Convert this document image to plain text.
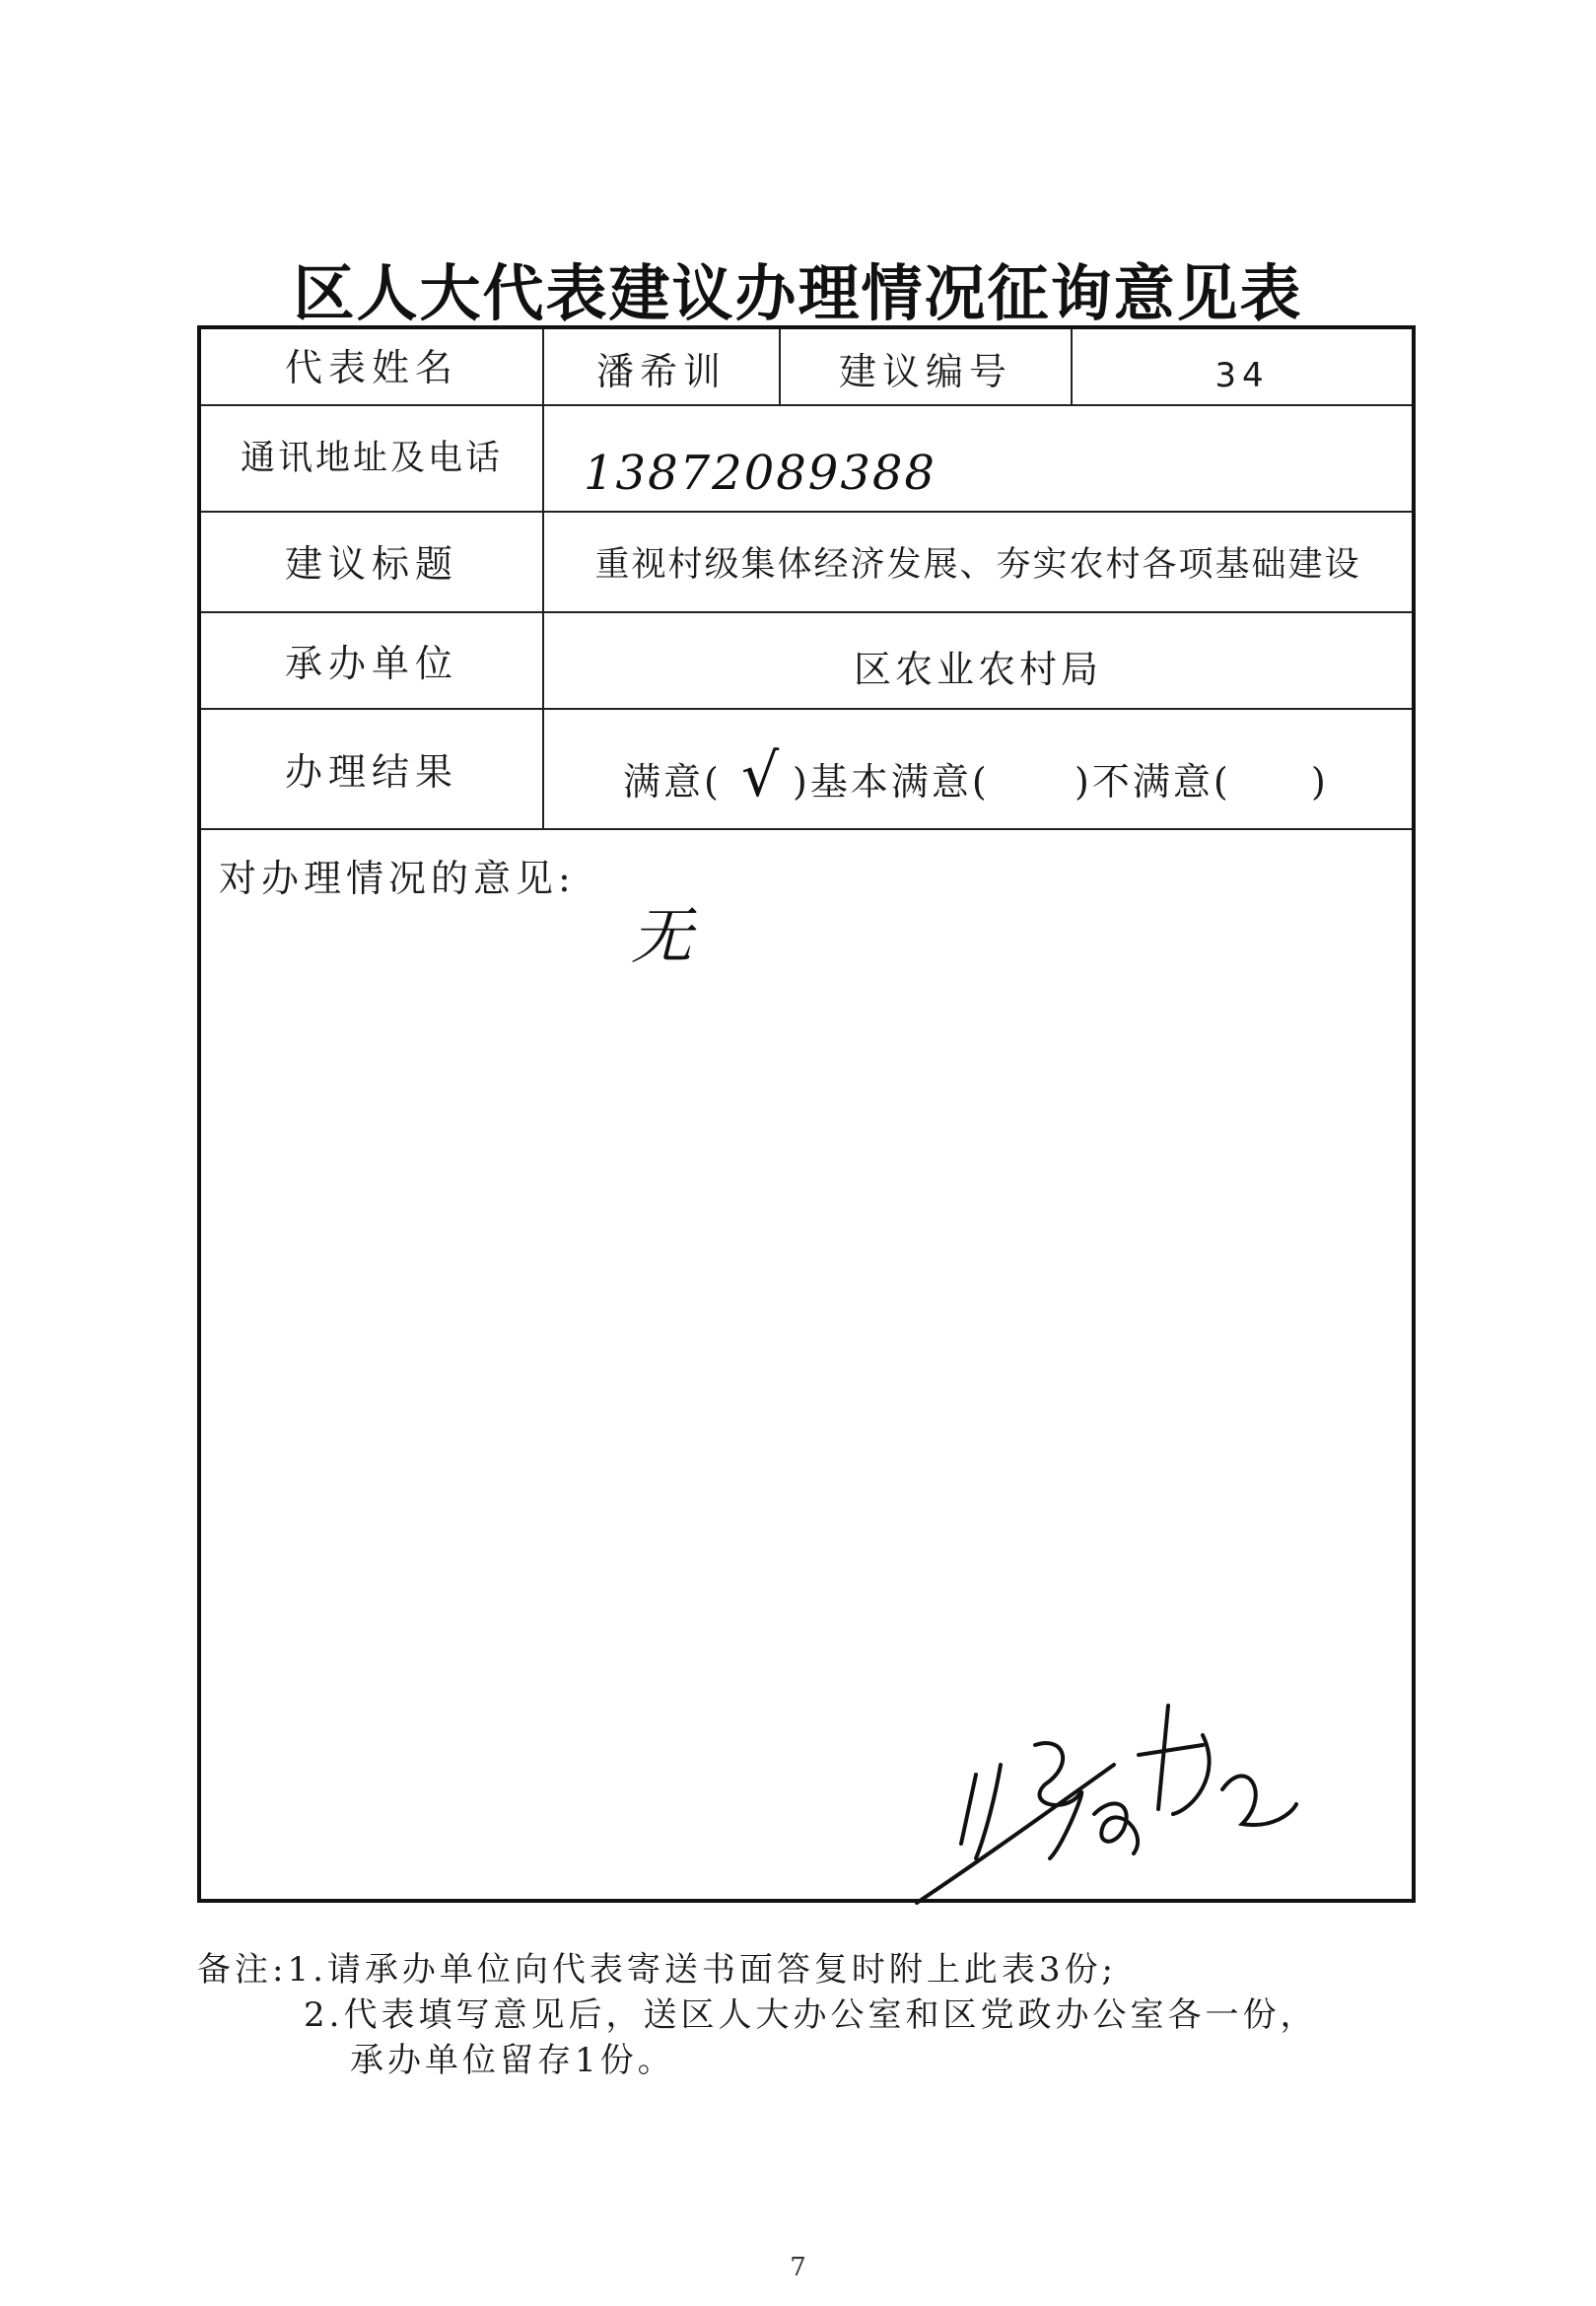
区人大代表建议办理情况征询意见表
代表姓名	潘希训	建议编号	34
通讯地址及电话	13872089388
建议标题	重视村级集体经济发展、夯实农村各项基础建设
承办单位	区农业农村局
办理结果	满意( √ )基本满意( )不满意( )
对办理情况的意见:
无
备注:1.请承办单位向代表寄送书面答复时附上此表3份;
2.代表填写意见后，送区人大办公室和区党政办公室各一份，
承办单位留存1份。
7
